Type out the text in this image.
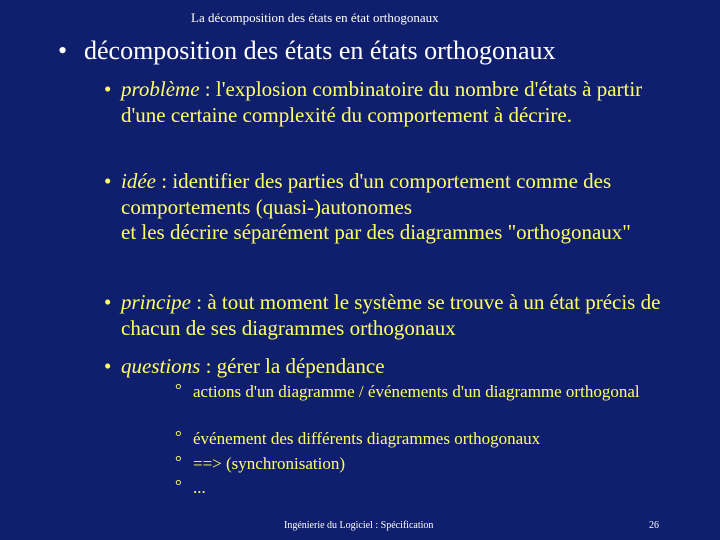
La décomposition des états en état orthogonaux
• décomposition des états en états orthogonaux
• problème : l'explosion combinatoire du nombre d'états à partir d'une certaine complexité du comportement à décrire.
• idée : identifier des parties d'un comportement comme des comportements (quasi-)autonomes
et les décrire séparément par des diagrammes "orthogonaux"
• principe : à tout moment le système se trouve à un état précis de chacun de ses diagrammes orthogonaux
• questions : gérer la dépendance
° actions d'un diagramme / événements d'un diagramme orthogonal
° événement des différents diagrammes orthogonaux
° ==> (synchronisation)
° ...
Ingénierie du Logiciel : Spécification	26
